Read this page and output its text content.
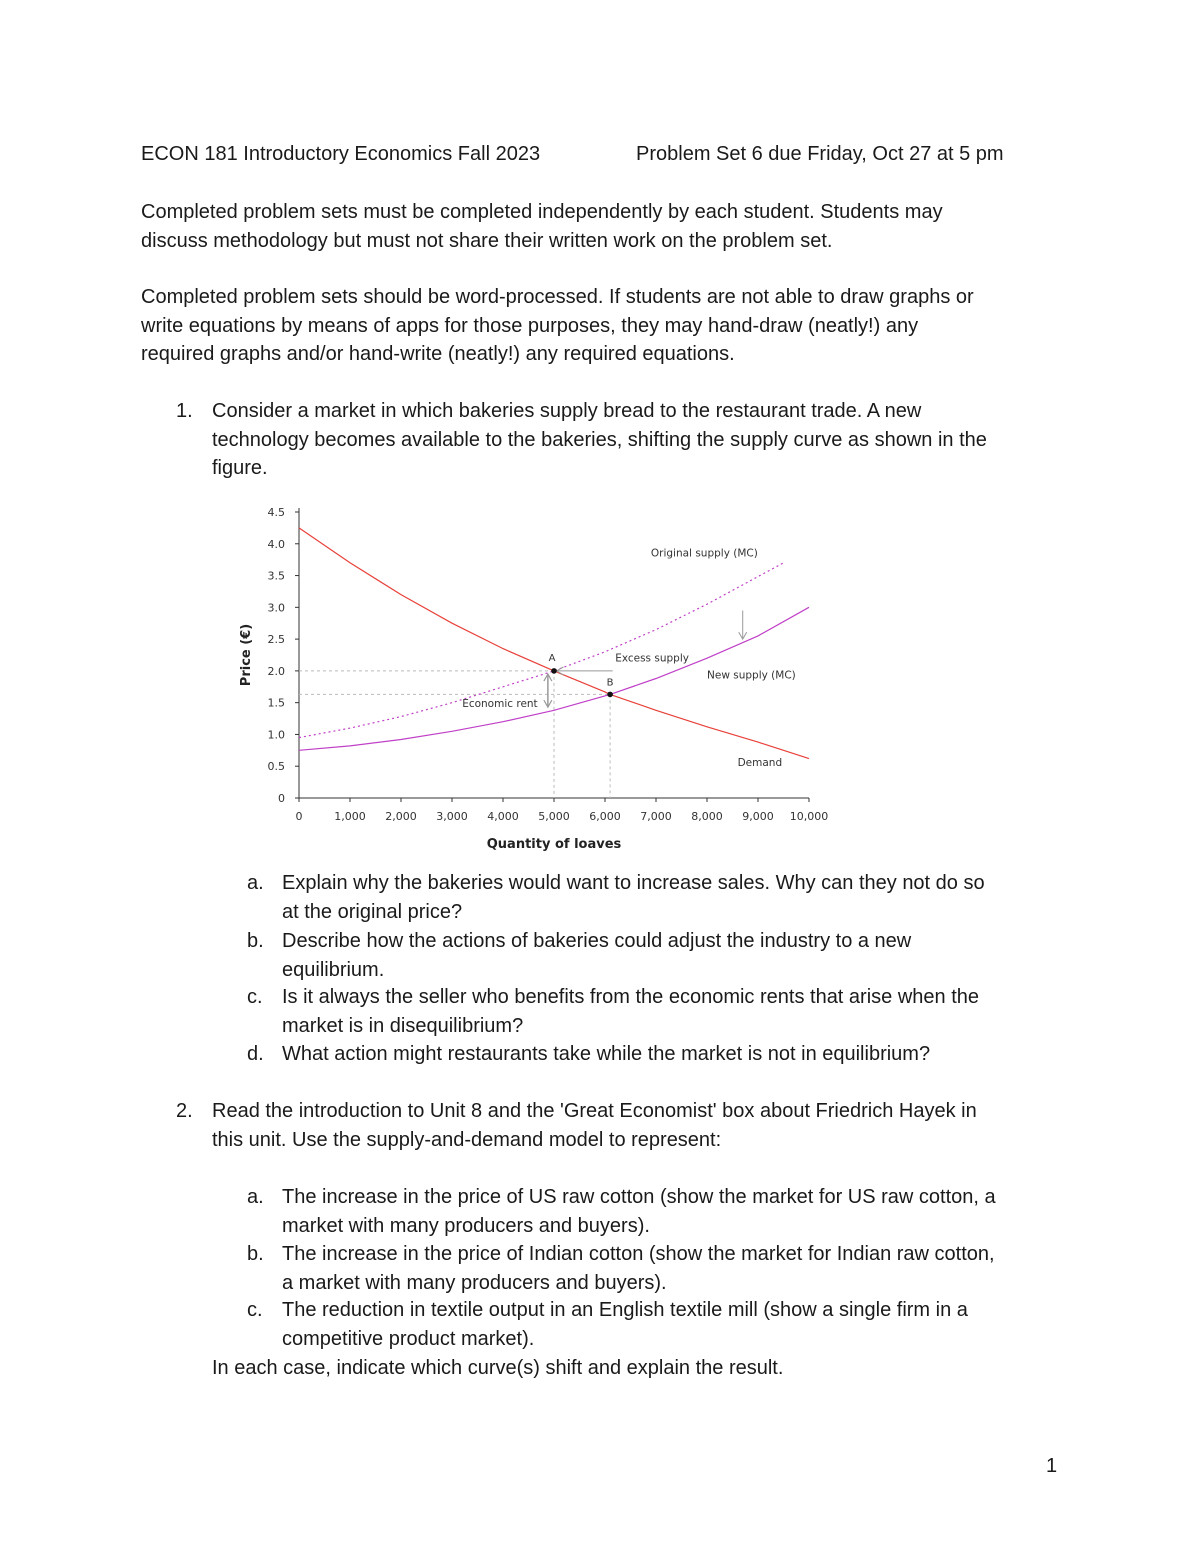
ECON 181 Introductory Economics Fall 2023	Problem Set 6 due Friday, Oct 27 at 5 pm
Completed problem sets must be completed independently by each student. Students may
discuss methodology but must not share their written work on the problem set.
Completed problem sets should be word-processed. If students are not able to draw graphs or
write equations by means of apps for those purposes, they may hand-draw (neatly!) any
required graphs and/or hand-write (neatly!) any required equations.
1. Consider a market in which bakeries supply bread to the restaurant trade. A new
technology becomes available to the bakeries, shifting the supply curve as shown in the
figure.
0
0.5
1.0
1.5
2.0
2.5
3.0
3.5
4.0
4.5
0	1,000 2,000 3,000 4,000 5,000 6,000 7,000 8,000 9,000 10,000
Quantity of loaves
Price (€)	A
B
Original supply (MC)
New supply (MC)
Demand
Excess supply
Economic rent
a. Explain why the bakeries would want to increase sales. Why can they not do so
at the original price?
b. Describe how the actions of bakeries could adjust the industry to a new
equilibrium.
c. Is it always the seller who benefits from the economic rents that arise when the
market is in disequilibrium?
d. What action might restaurants take while the market is not in equilibrium?
2. Read the introduction to Unit 8 and the 'Great Economist' box about Friedrich Hayek in
this unit. Use the supply-and-demand model to represent:
a. The increase in the price of US raw cotton (show the market for US raw cotton, a
market with many producers and buyers).
b. The increase in the price of Indian cotton (show the market for Indian raw cotton,
a market with many producers and buyers).
c. The reduction in textile output in an English textile mill (show a single firm in a
competitive product market).
In each case, indicate which curve(s) shift and explain the result.
1
